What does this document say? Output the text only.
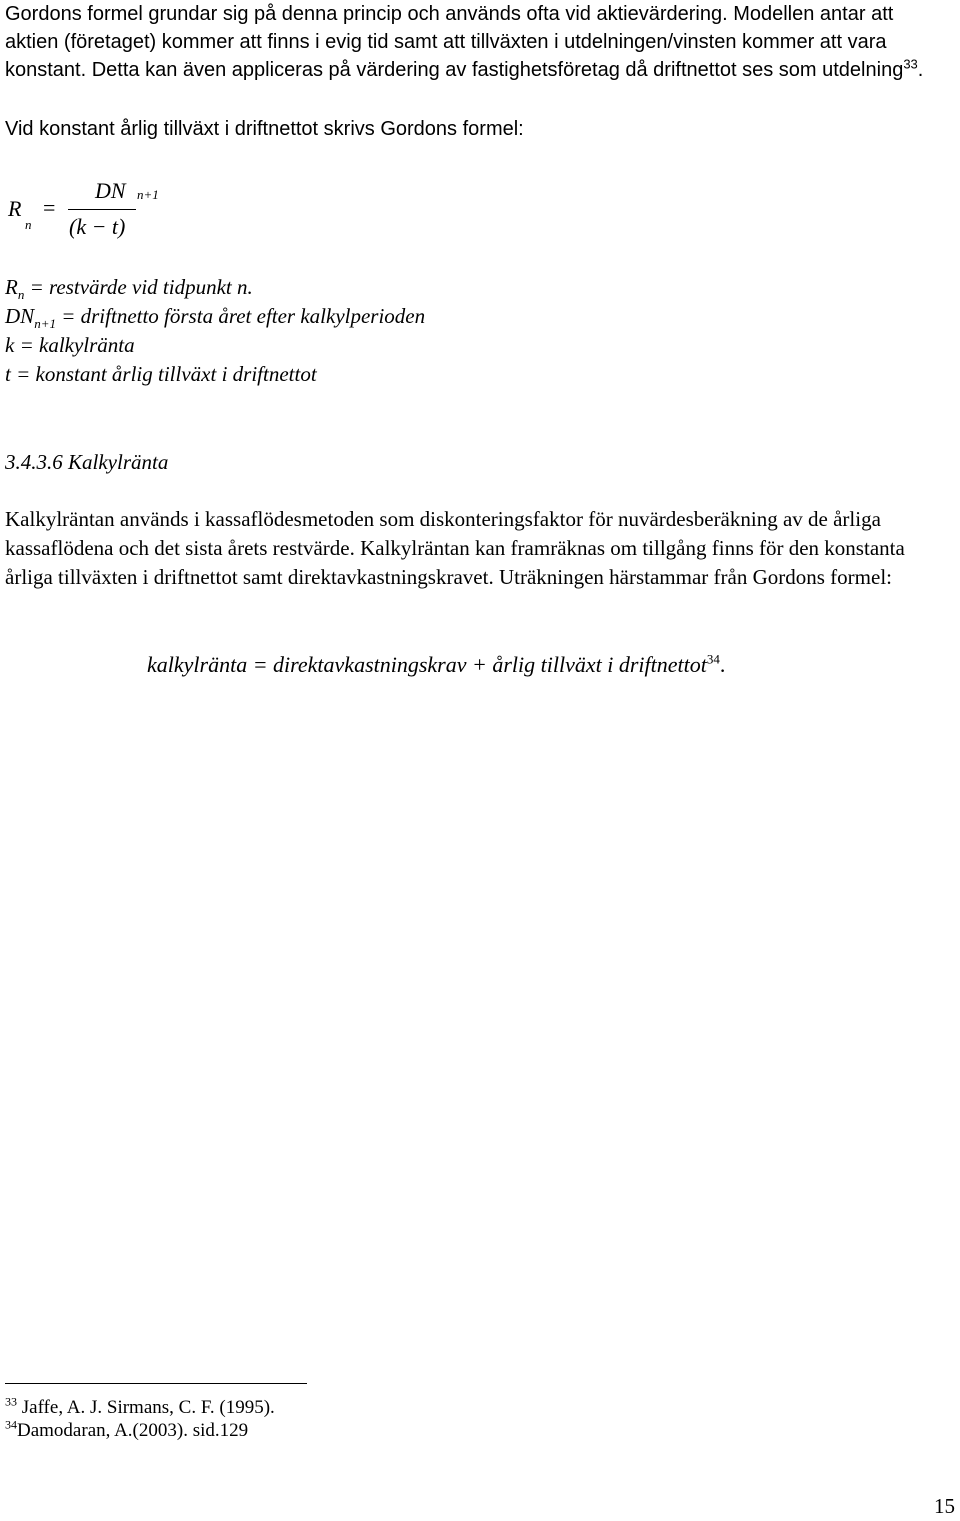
Gordons formel grundar sig på denna princip och används ofta vid aktievärdering. Modellen antar att aktien (företaget) kommer att finns i evig tid samt att tillväxten i utdelningen/vinsten kommer att vara konstant. Detta kan även appliceras på värdering av fastighetsföretag då driftnettot ses som utdelning$^{33}$.

Vid konstant årlig tillväxt i driftnettot skrivs Gordons formel:

R
n
=
DN n+1
(k − t)
$R_n$ = restvärde vid tidpunkt n.
$DN_{n+1}$ = driftnetto första året efter kalkylperioden
k = kalkylränta
t = konstant årlig tillväxt i driftnettot
3.4.3.6 Kalkylränta

Kalkylräntan används i kassaflödesmetoden som diskonteringsfaktor för nuvärdesberäkning av de årliga kassaflödena och det sista årets restvärde. Kalkylräntan kan framräknas om tillgång finns för den konstanta årliga tillväxten i driftnettot samt direktavkastningskravet. Uträkningen härstammar från Gordons formel:

kalkylränta = direktavkastningskrav + årlig tillväxt i driftnettot$^{34}$.
$^{33}$ Jaffe, A. J. Sirmans, C. F. (1995).
$^{34}$Damodaran, A.(2003). sid.129
15
